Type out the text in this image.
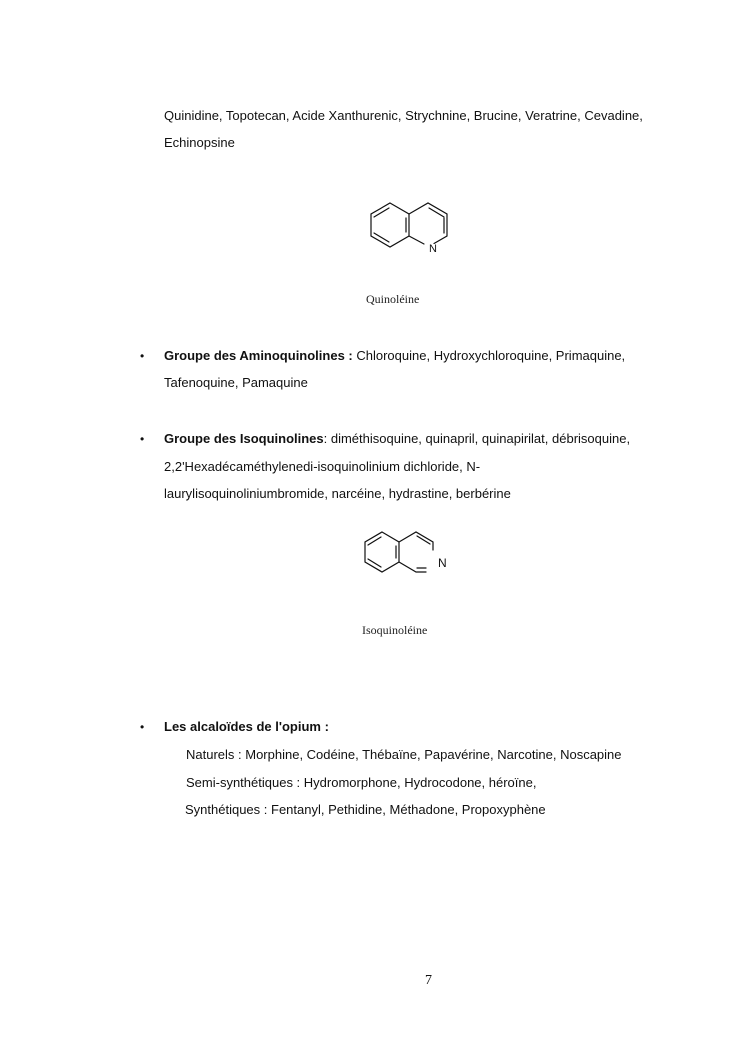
Quinidine, Topotecan, Acide Xanthurenic, Strychnine, Brucine, Veratrine, Cevadine,
Echinopsine
N
Quinoléine
• Groupe des Aminoquinolines : Chloroquine, Hydroxychloroquine, Primaquine,
Tafenoquine, Pamaquine
• Groupe des Isoquinolines: diméthisoquine, quinapril, quinapirilat, débrisoquine,
2,2'Hexadécaméthylenedi-isoquinolinium dichloride, N-
laurylisoquinoliniumbromide, narcéine, hydrastine, berbérine
N
Isoquinoléine
• Les alcaloïdes de l'opium :
Naturels : Morphine, Codéine, Thébaïne, Papavérine, Narcotine, Noscapine
Semi-synthétiques : Hydromorphone, Hydrocodone, héroïne,
Synthétiques : Fentanyl, Pethidine, Méthadone, Propoxyphène
7
